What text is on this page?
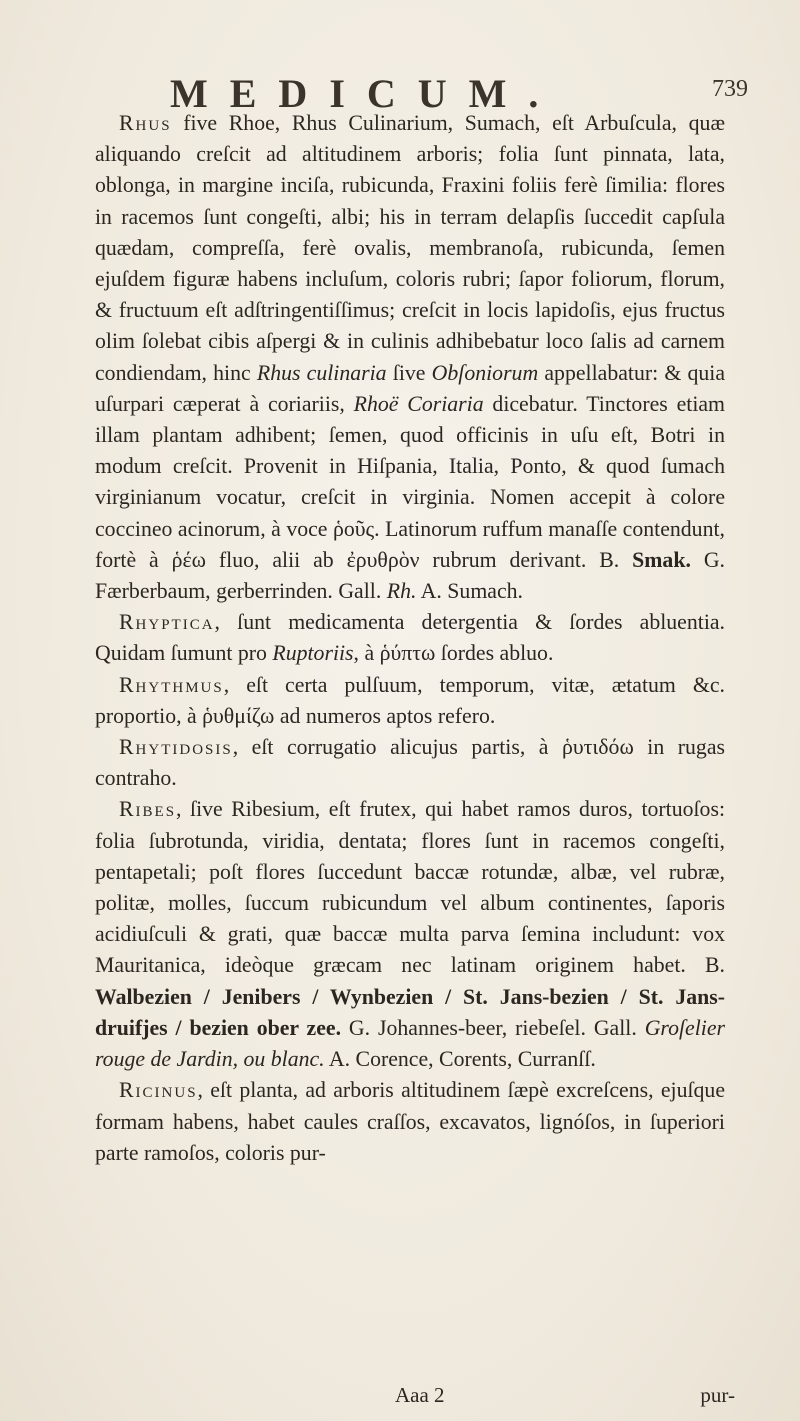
MEDICUM.	739

Rhus five Rhoe, Rhus Culinarium, Sumach, eſt Arbuſcula, quæ aliquando creſcit ad altitudinem arboris; folia ſunt pinnata, lata, oblonga, in margine inciſa, rubicunda, Fraxini foliis ferè ſimilia: flores in racemos ſunt congeſti, albi; his in terram delapſis ſuccedit capſula quædam, compreſſa, ferè ovalis, membranoſa, rubicunda, ſemen ejuſdem figuræ habens incluſum, coloris rubri; ſapor foliorum, florum, & fructuum eſt adſtringentiſſimus; creſcit in locis lapidoſis, ejus fructus olim ſolebat cibis aſpergi & in culinis adhibebatur loco ſalis ad carnem condiendam, hinc Rhus culinaria ſive Obſoniorum appellabatur: & quia uſurpari cæperat à coriariis, Rhoë Coriaria dicebatur. Tinctores etiam illam plantam adhibent; ſemen, quod officinis in uſu eſt, Botri in modum creſcit. Provenit in Hiſpania, Italia, Ponto, & quod ſumach virginianum vocatur, creſcit in virginia. Nomen accepit à colore coccineo acinorum, à voce ῥοῦς. Latinorum ruffum manaſſe contendunt, fortè à ῥέω fluo, alii ab ἐρυθρὸν rubrum derivant. B. Smak. G. Færberbaum, gerberrinden. Gall. Rh. A. Sumach.

Rhyptica, ſunt medicamenta detergentia & ſordes abluentia. Quidam ſumunt pro Ruptoriis, à ῥύπτω ſordes abluo.

Rhythmus, eſt certa pulſuum, temporum, vitæ, ætatum &c. proportio, à ῥυθμίζω ad numeros aptos refero.

Rhytidosis, eſt corrugatio alicujus partis, à ῥυτιδόω in rugas contraho.

Ribes, ſive Ribesium, eſt frutex, qui habet ramos duros, tortuoſos: folia ſubrotunda, viridia, dentata; flores ſunt in racemos congeſti, pentapetali; poſt flores ſuccedunt baccæ rotundæ, albæ, vel rubræ, politæ, molles, ſuccum rubicundum vel album continentes, ſaporis acidiuſculi & grati, quæ baccæ multa parva ſemina includunt: vox Mauritanica, ideòque græcam nec latinam originem habet. B. Walbezien / Jenibers / Wynbezien / St. Jans-bezien / St. Jans-druifjes / bezien ober zee. G. Johannes-beer, riebeſel. Gall. Groſelier rouge de Jardin, ou blanc. A. Corence, Corents, Curranſſ.

Ricinus, eſt planta, ad arboris altitudinem ſæpè excreſcens, ejuſque formam habens, habet caules craſſos, excavatos, lignóſos, in ſuperiori parte ramoſos, coloris pur-

Aaa 2	pur-
